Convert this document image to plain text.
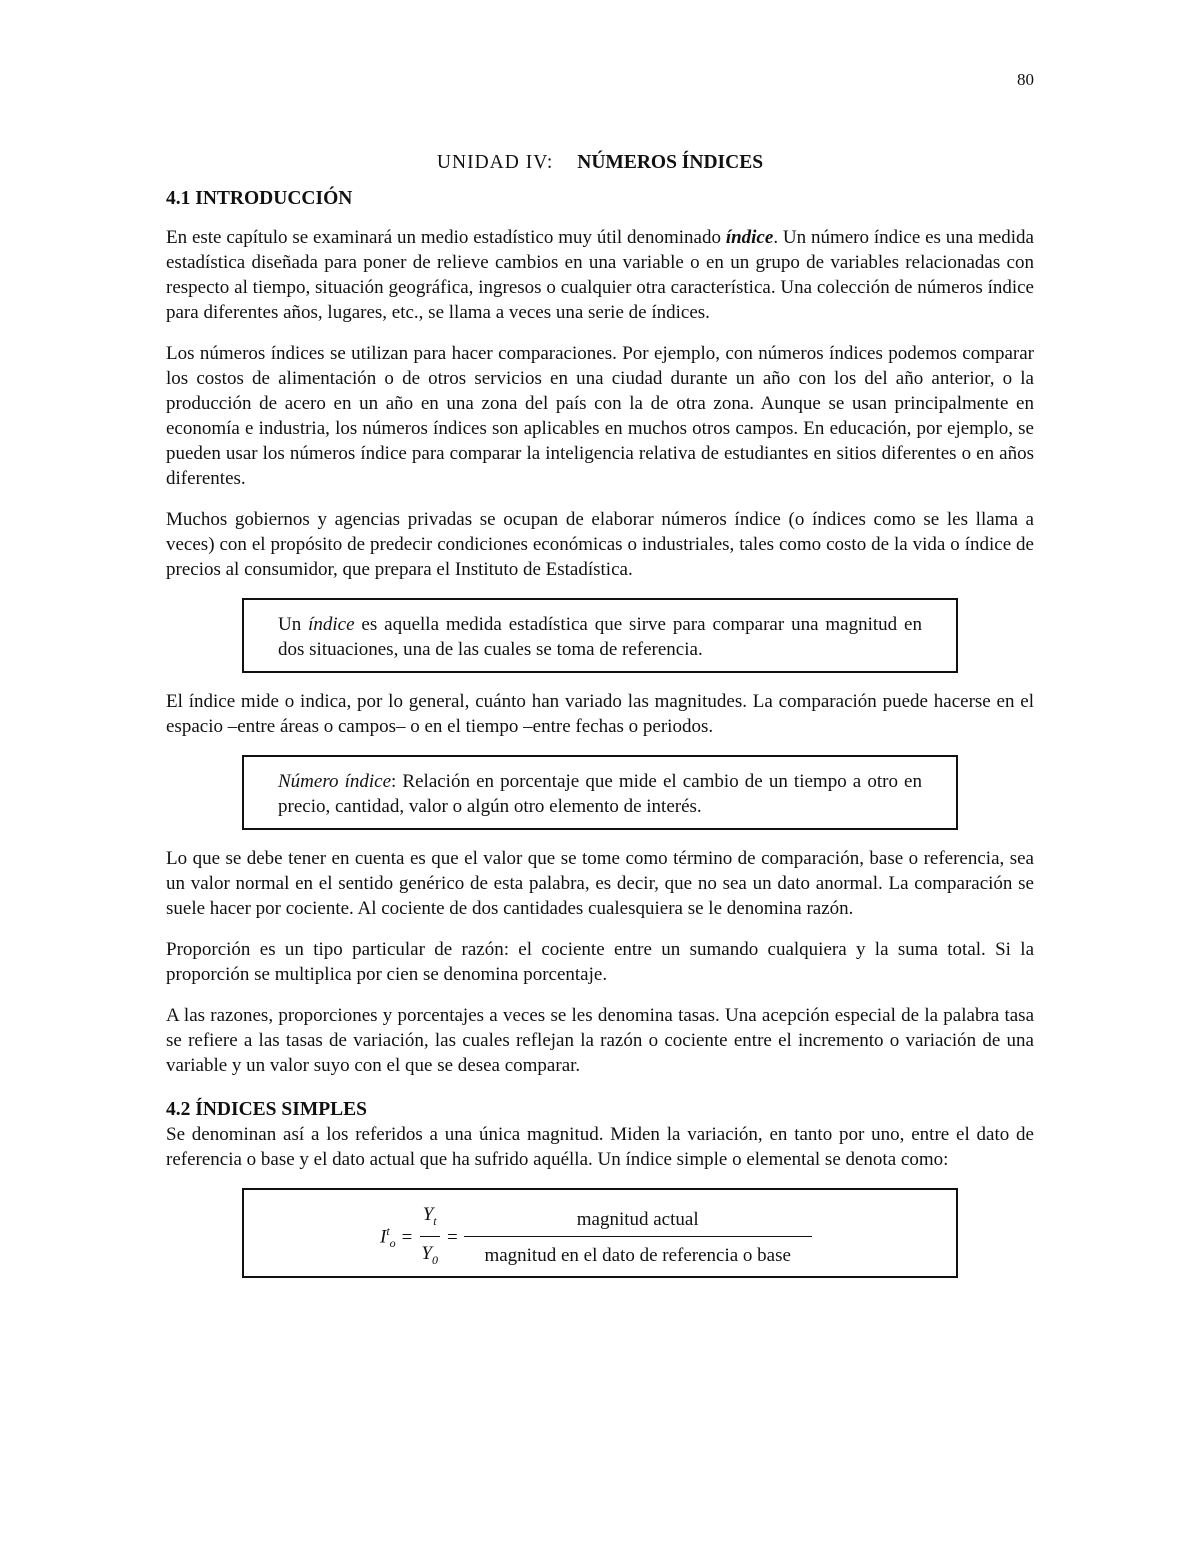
80
UNIDAD IV: NÚMEROS ÍNDICES
4.1 INTRODUCCIÓN

En este capítulo se examinará un medio estadístico muy útil denominado índice. Un número índice es una medida estadística diseñada para poner de relieve cambios en una variable o en un grupo de variables relacionadas con respecto al tiempo, situación geográfica, ingresos o cualquier otra característica. Una colección de números índice para diferentes años, lugares, etc., se llama a veces una serie de índices.

Los números índices se utilizan para hacer comparaciones. Por ejemplo, con números índices podemos comparar los costos de alimentación o de otros servicios en una ciudad durante un año con los del año anterior, o la producción de acero en un año en una zona del país con la de otra zona. Aunque se usan principalmente en economía e industria, los números índices son aplicables en muchos otros campos. En educación, por ejemplo, se pueden usar los números índice para comparar la inteligencia relativa de estudiantes en sitios diferentes o en años diferentes.

Muchos gobiernos y agencias privadas se ocupan de elaborar números índice (o índices como se les llama a veces) con el propósito de predecir condiciones económicas o industriales, tales como costo de la vida o índice de precios al consumidor, que prepara el Instituto de Estadística.

Un índice es aquella medida estadística que sirve para comparar una magnitud en dos situaciones, una de las cuales se toma de referencia.

El índice mide o indica, por lo general, cuánto han variado las magnitudes. La comparación puede hacerse en el espacio –entre áreas o campos– o en el tiempo –entre fechas o periodos.

Número índice: Relación en porcentaje que mide el cambio de un tiempo a otro en precio, cantidad, valor o algún otro elemento de interés.

Lo que se debe tener en cuenta es que el valor que se tome como término de comparación, base o referencia, sea un valor normal en el sentido genérico de esta palabra, es decir, que no sea un dato anormal. La comparación se suele hacer por cociente. Al cociente de dos cantidades cualesquiera se le denomina razón.

Proporción es un tipo particular de razón: el cociente entre un sumando cualquiera y la suma total. Si la proporción se multiplica por cien se denomina porcentaje.

A las razones, proporciones y porcentajes a veces se les denomina tasas. Una acepción especial de la palabra tasa se refiere a las tasas de variación, las cuales reflejan la razón o cociente entre el incremento o variación de una variable y un valor suyo con el que se desea comparar.

4.2 ÍNDICES SIMPLES

Se denominan así a los referidos a una única magnitud. Miden la variación, en tanto por uno, entre el dato de referencia o base y el dato actual que ha sufrido aquélla. Un índice simple o elemental se denota como:

$I^t_o = \frac{Y_t}{Y_0} = \frac{\text{magnitud actual}}{\text{magnitud en el dato de referencia o base}}$
